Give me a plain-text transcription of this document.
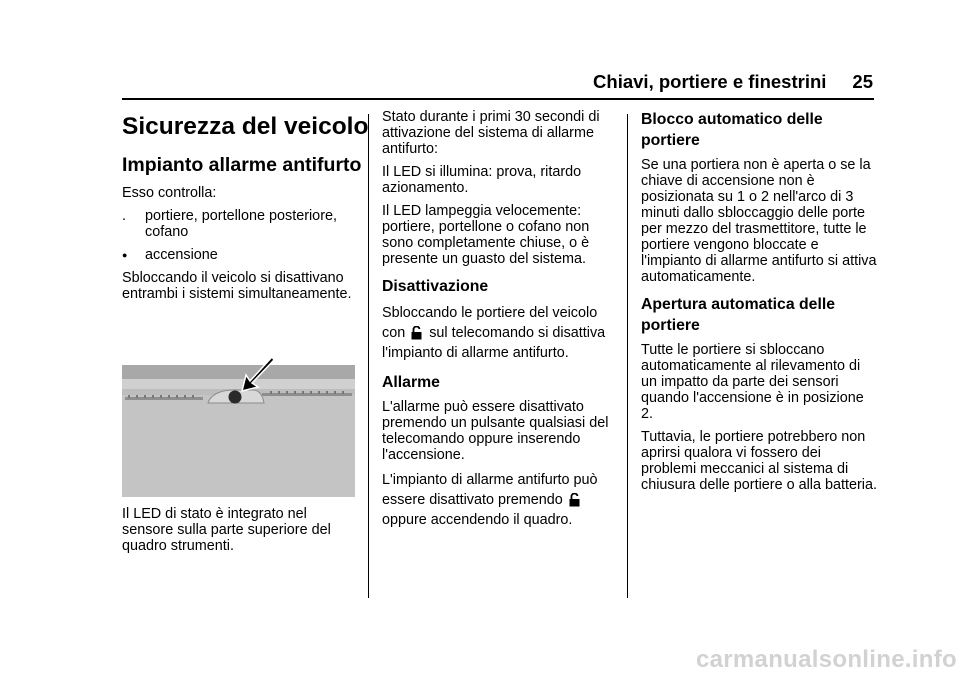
Chiavi, portiere e finestrini 25
Sicurezza del veicolo
Impianto allarme antifurto

Esso controlla:

.	portiere, portellone posteriore, cofano
●	accensione

Sbloccando il veicolo si disattivano entrambi i sistemi simultaneamente.

Il LED di stato è integrato nel sensore sulla parte superiore del quadro strumenti.

Stato durante i primi 30 secondi di attivazione del sistema di allarme antifurto:

Il LED si illumina: prova, ritardo azionamento.

Il LED lampeggia velocemente: portiere, portellone o cofano non sono completamente chiuse, o è presente un guasto del sistema.

Disattivazione

Sbloccando le portiere del veicolo con sul telecomando si disattiva l'impianto di allarme antifurto.

Allarme

L'allarme può essere disattivato premendo un pulsante qualsiasi del telecomando oppure inserendo l'accensione.

L'impianto di allarme antifurto può essere disattivato premendo  oppure accendendo il quadro.

Blocco automatico delle portiere

Se una portiera non è aperta o se la chiave di accensione non è posizionata su 1 o 2 nell'arco di 3 minuti dallo sbloccaggio delle porte per mezzo del trasmettitore, tutte le portiere vengono bloccate e l'impianto di allarme antifurto si attiva automaticamente.

Apertura automatica delle portiere

Tutte le portiere si sbloccano automaticamente al rilevamento di un impatto da parte dei sensori quando l'accensione è in posizione 2.

Tuttavia, le portiere potrebbero non aprirsi qualora vi fossero dei problemi meccanici al sistema di chiusura delle portiere o alla batteria.

carmanualsonline.info
